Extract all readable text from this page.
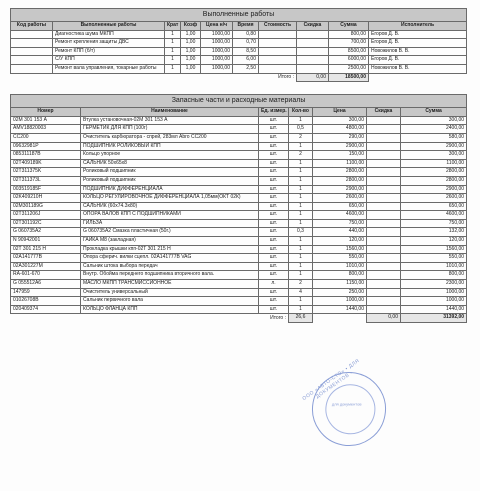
Выполненные работы									
Код работы	Выполненные работы	Крат	Коэф	Цена н/ч	Время	Стоимость	Скидка	Сумма	Исполнитель
	Диагностика шума МКПП	1	1,00	1000,00	0,80			800,00	Егоров Д. В.
	Ремонт крепления защиты ДВС	1	1,00	1000,00	0,70			700,00	Егоров Д. В.
	Ремонт КПП (б/т)	1	1,00	1000,00	8,50			8500,00	Новожилов В. В.
	С/У КПП	1	1,00	1000,00	6,00			6000,00	Егоров Д. В.
	Ремонт вала управления, токарные работы	1	1,00	1000,00	2,50			2500,00	Новожилов В. В.
Итого :							0,00	18500,00	
Запасные части и расходные материалы						
Номер	Наименование	Ед. измер.	Кол-во	Цена	Скидка	Сумма
02М 301 153 А	Втулка установочная-02М 301 153 А	шт.	1	300,00		300,00
AMV18820003	ГЕРМЕТИК ДЛЯ КПП (100г)	шт.	0,5	4800,00		2400,00
CC200	Очиститель карбюратора - спрей, 283мл Abro CC200	шт.	2	290,00		580,00
09632981P	ПОДШИПНИК РОЛИКОВЫЙ КПП	шт.	1	2900,00		2900,00
085311187B	Кольцо упорное	шт.	2	150,00		300,00
02T409189K	САЛЬНИК 50х65х8	шт.	1	1100,00		1100,00
02T311375K	Роликовый подшипник	шт.	1	2800,00		2800,00
02T311373L	Роликовый подшипник	шт.	1	2800,00		2800,00
003519185F	ПОДШИПНИК ДИФФЕРЕНЦИАЛА	шт.	1	2900,00		2900,00
02K409210H	КОЛЬЦО РЕГУЛИРОВОЧНОЕ ДИФФЕРЕНЦИАЛА 1,05мм(ОКТ 02К)	шт.	1	2600,00		2600,00
02M301189G	САЛЬНИК (60х74.3х80)	шт.	1	650,00		650,00
02T311206J	ОПОРА ВАЛОВ КПП С ПОДШИПНИКАМИ	шт.	1	4600,00		4600,00
02T301192C	ГИЛЬЗА	шт.	1	750,00		750,00
G 060735A2	G 060735A2 Смазка пластичная (50г.)	шт.	0,3	440,00		132,00
N 90942001	ГАЙКА М8 (закладная)	шт.	1	120,00		120,00
02T 301 215 H	Прокладка крышки кпп-02T 301 215 H	шт.	1	1560,00		1560,00
02A141777B	Опора сферич. вилки сцепл. 02A141777B VAG	шт.	1	550,00		550,00
02A301227M	Сальник штока выбора передач	шт.	1	1010,00		1010,00
RA-601-670	Внутр. Обойма переднего подшипника вторичного вала.	шт.	1	800,00		800,00
G 055512A6	МАСЛО МКПП ТРАНСМИССИОННОЕ	л.	2	1150,00		2300,00
147959	Очиститель универсальный	шт.	4	250,00		1000,00
01026708B	Сальник первичного вала	шт.	1	1000,00		1000,00
020409374	КОЛЬЦО ФЛАНЦА КПП	шт.	1	1440,00		1440,00
Итого :			26,6		0,00	31392,00
ООО «АВТО-СТО» • ДЛЯ ДОКУМЕНТОВ •
для документов
